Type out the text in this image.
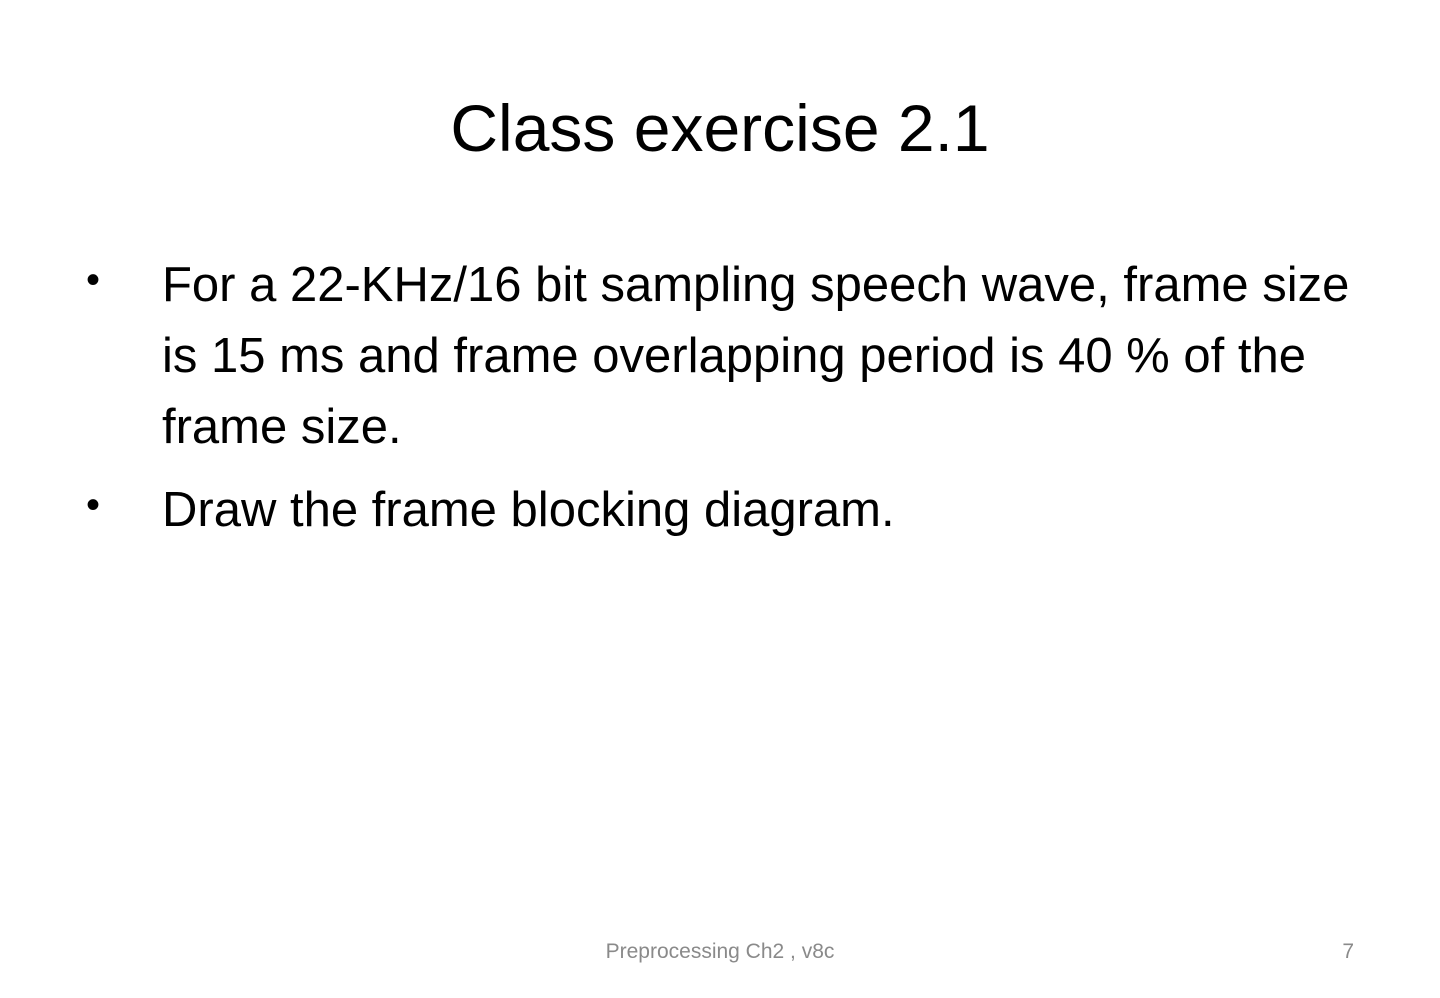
Class exercise 2.1
• For a 22-KHz/16 bit sampling speech wave, frame size is 15 ms and frame overlapping period is 40 % of the frame size.
• Draw the frame blocking diagram.
Preprocessing Ch2 , v8c	7
